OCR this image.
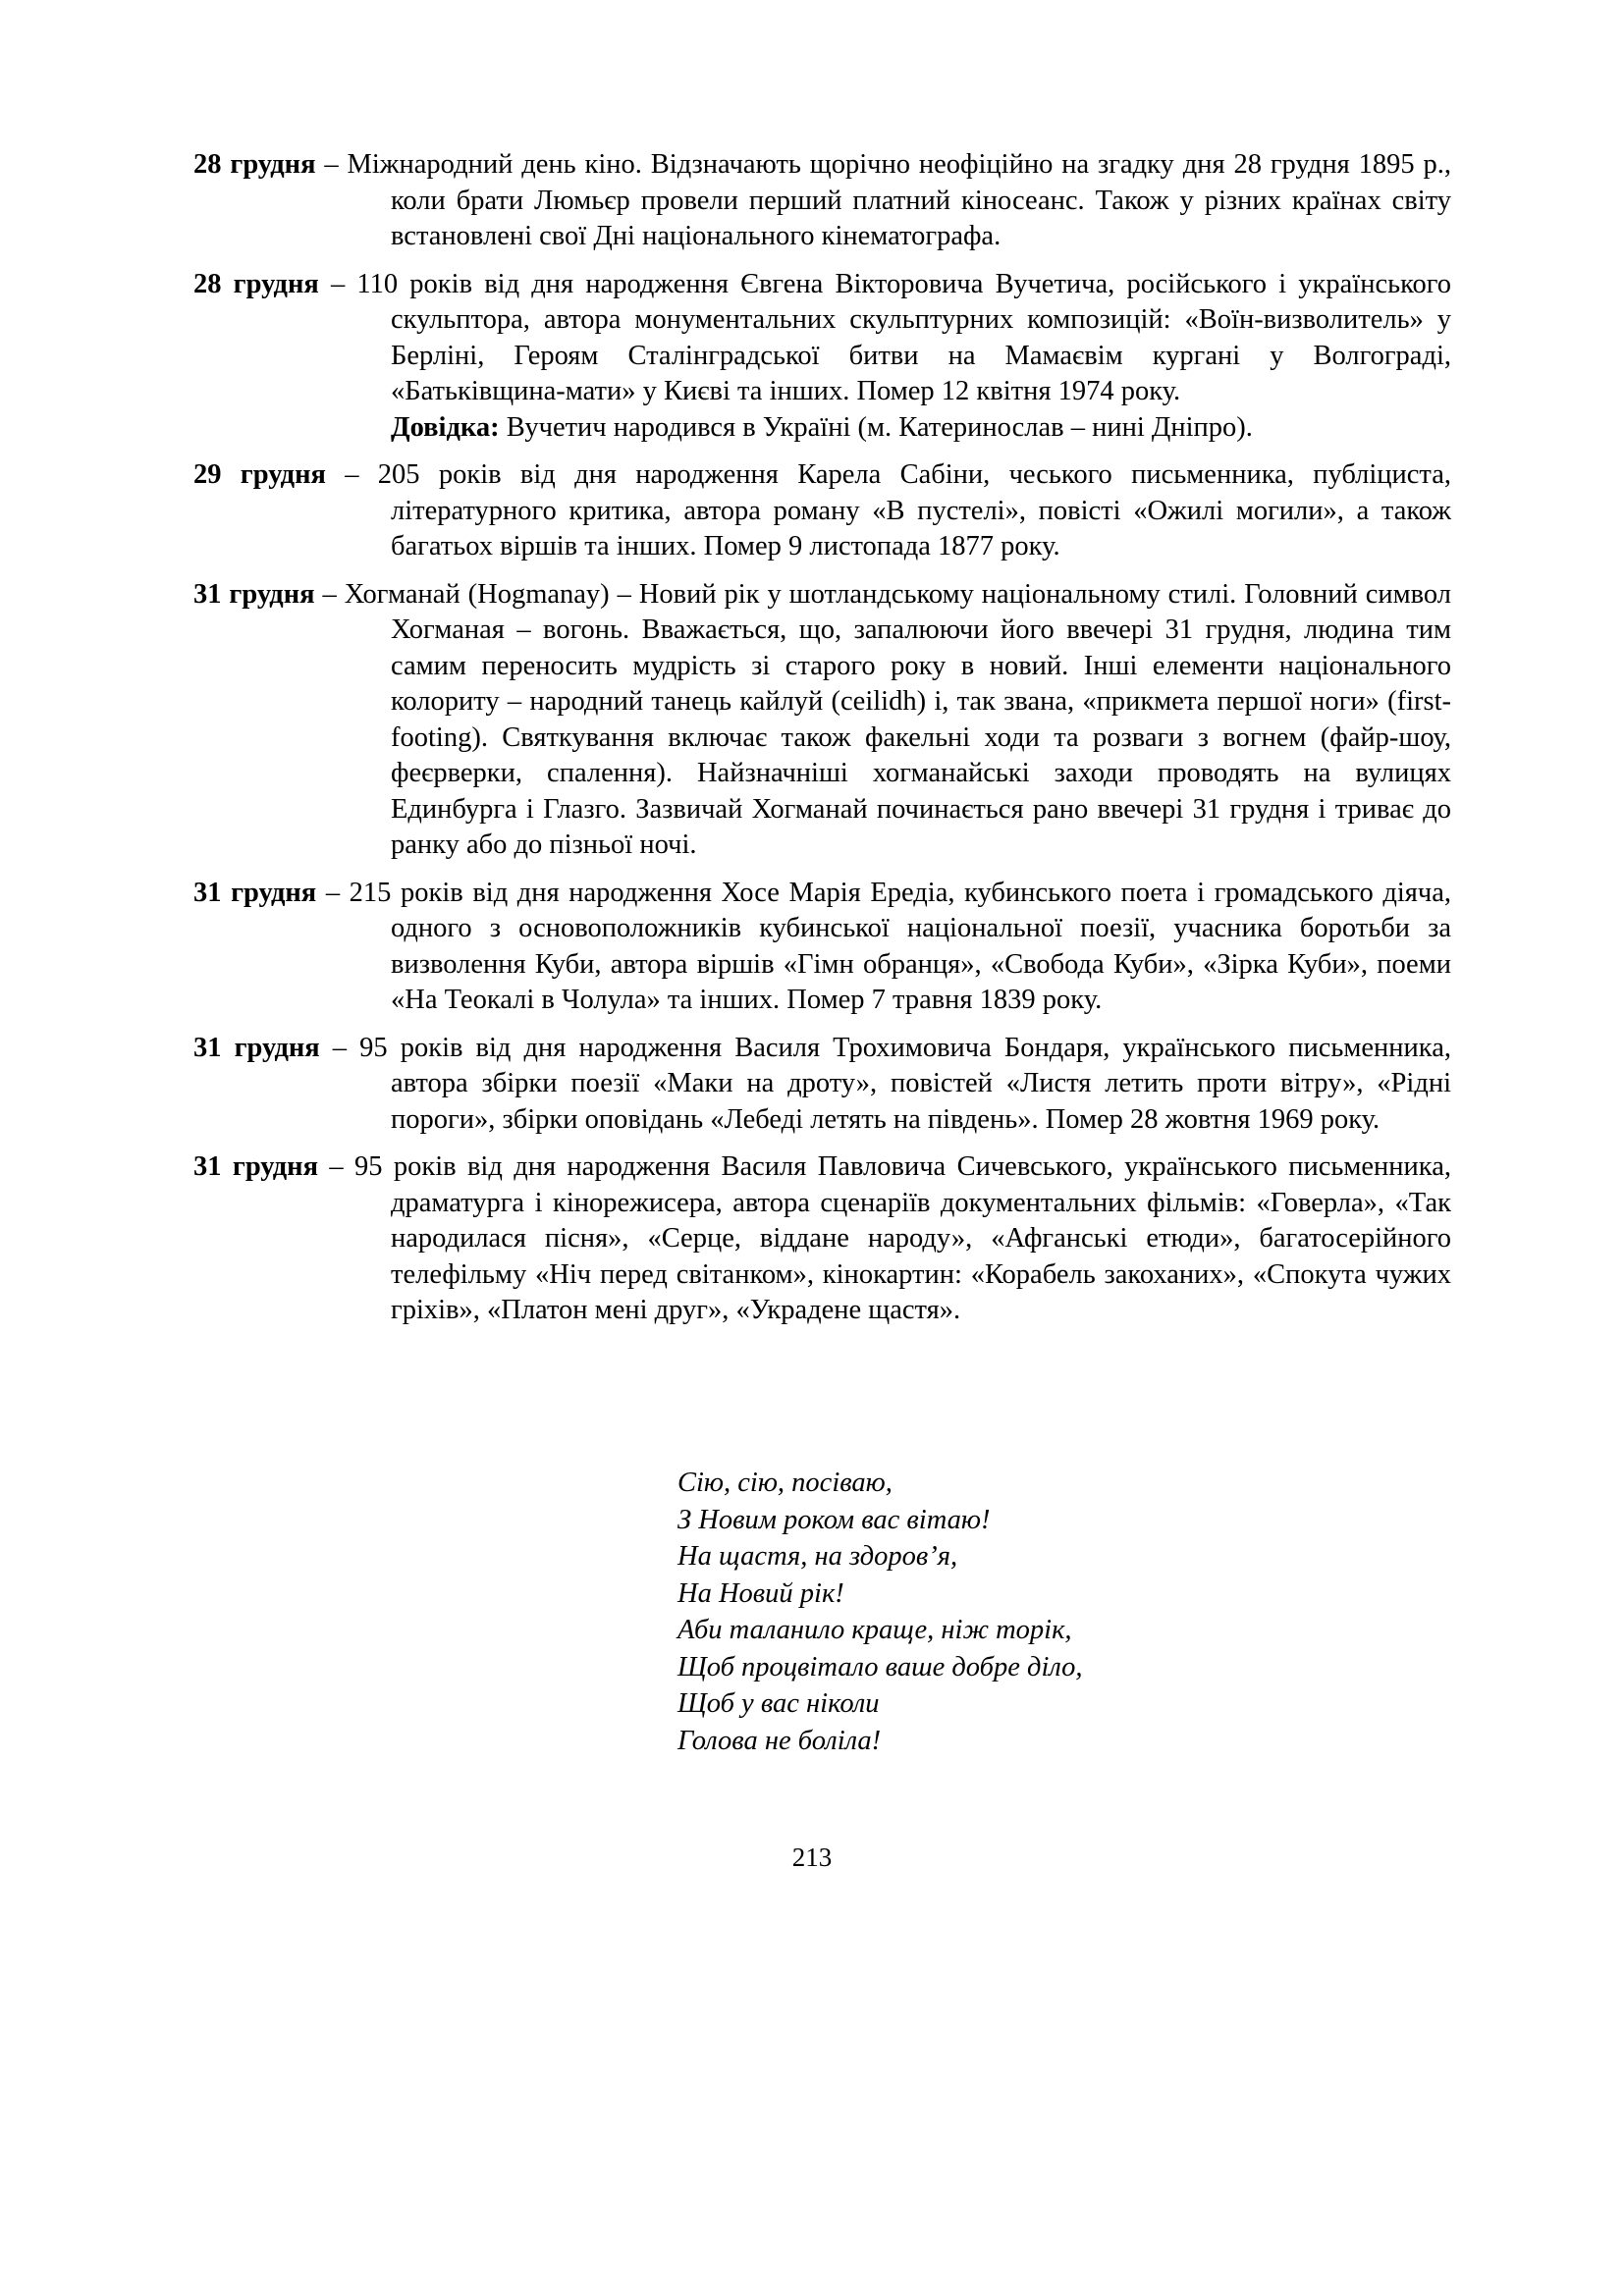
28 грудня – Міжнародний день кіно. Відзначають щорічно неофіційно на згадку дня 28 грудня 1895 р., коли брати Люмьєр провели перший платний кіносеанс. Також у різних країнах світу встановлені свої Дні національного кінематографа.

28 грудня – 110 років від дня народження Євгена Вікторовича Вучетича, російського і українського скульптора, автора монументальних скульптурних композицій: «Воїн-визволитель» у Берліні, Героям Сталінградської битви на Мамаєвім кургані у Волгограді, «Батьківщина-мати» у Києві та інших. Помер 12 квітня 1974 року.
Довідка: Вучетич народився в Україні (м. Катеринослав – нині Дніпро).

29 грудня – 205 років від дня народження Карела Сабіни, чеського письменника, публіциста, літературного критика, автора роману «В пустелі», повісті «Ожилі могили», а також багатьох віршів та інших. Помер 9 листопада 1877 року.

31 грудня – Хогманай (Hogmanay) – Новий рік у шотландському національному стилі. Головний символ Хогманая – вогонь. Вважається, що, запалюючи його ввечері 31 грудня, людина тим самим переносить мудрість зі старого року в новий. Інші елементи національного колориту – народний танець кайлуй (ceilidh) і, так звана, «прикмета першої ноги» (first-footing). Святкування включає також факельні ходи та розваги з вогнем (файр-шоу, феєрверки, спалення). Найзначніші хогманайські заходи проводять на вулицях Единбурга і Глазго. Зазвичай Хогманай починається рано ввечері 31 грудня і триває до ранку або до пізньої ночі.

31 грудня – 215 років від дня народження Хосе Марія Ередіа, кубинського поета і громадського діяча, одного з основоположників кубинської національної поезії, учасника боротьби за визволення Куби, автора віршів «Гімн обранця», «Свобода Куби», «Зірка Куби», поеми «На Теокалі в Чолула» та інших. Помер 7 травня 1839 року.

31 грудня – 95 років від дня народження Василя Трохимовича Бондаря, українського письменника, автора збірки поезії «Маки на дроту», повістей «Листя летить проти вітру», «Рідні пороги», збірки оповідань «Лебеді летять на південь». Помер 28 жовтня 1969 року.

31 грудня – 95 років від дня народження Василя Павловича Сичевського, українського письменника, драматурга і кінорежисера, автора сценаріїв документальних фільмів: «Говерла», «Так народилася пісня», «Серце, віддане народу», «Афганські етюди», багатосерійного телефільму «Ніч перед світанком», кінокартин: «Корабель закоханих», «Спокута чужих гріхів», «Платон мені друг», «Украдене щастя».

Сію, сію, посіваю,
З Новим роком вас вітаю!
На щастя, на здоров’я,
На Новий рік!
Аби таланило краще, ніж торік,
Щоб процвітало ваше добре діло,
Щоб у вас ніколи
Голова не боліла!
213
